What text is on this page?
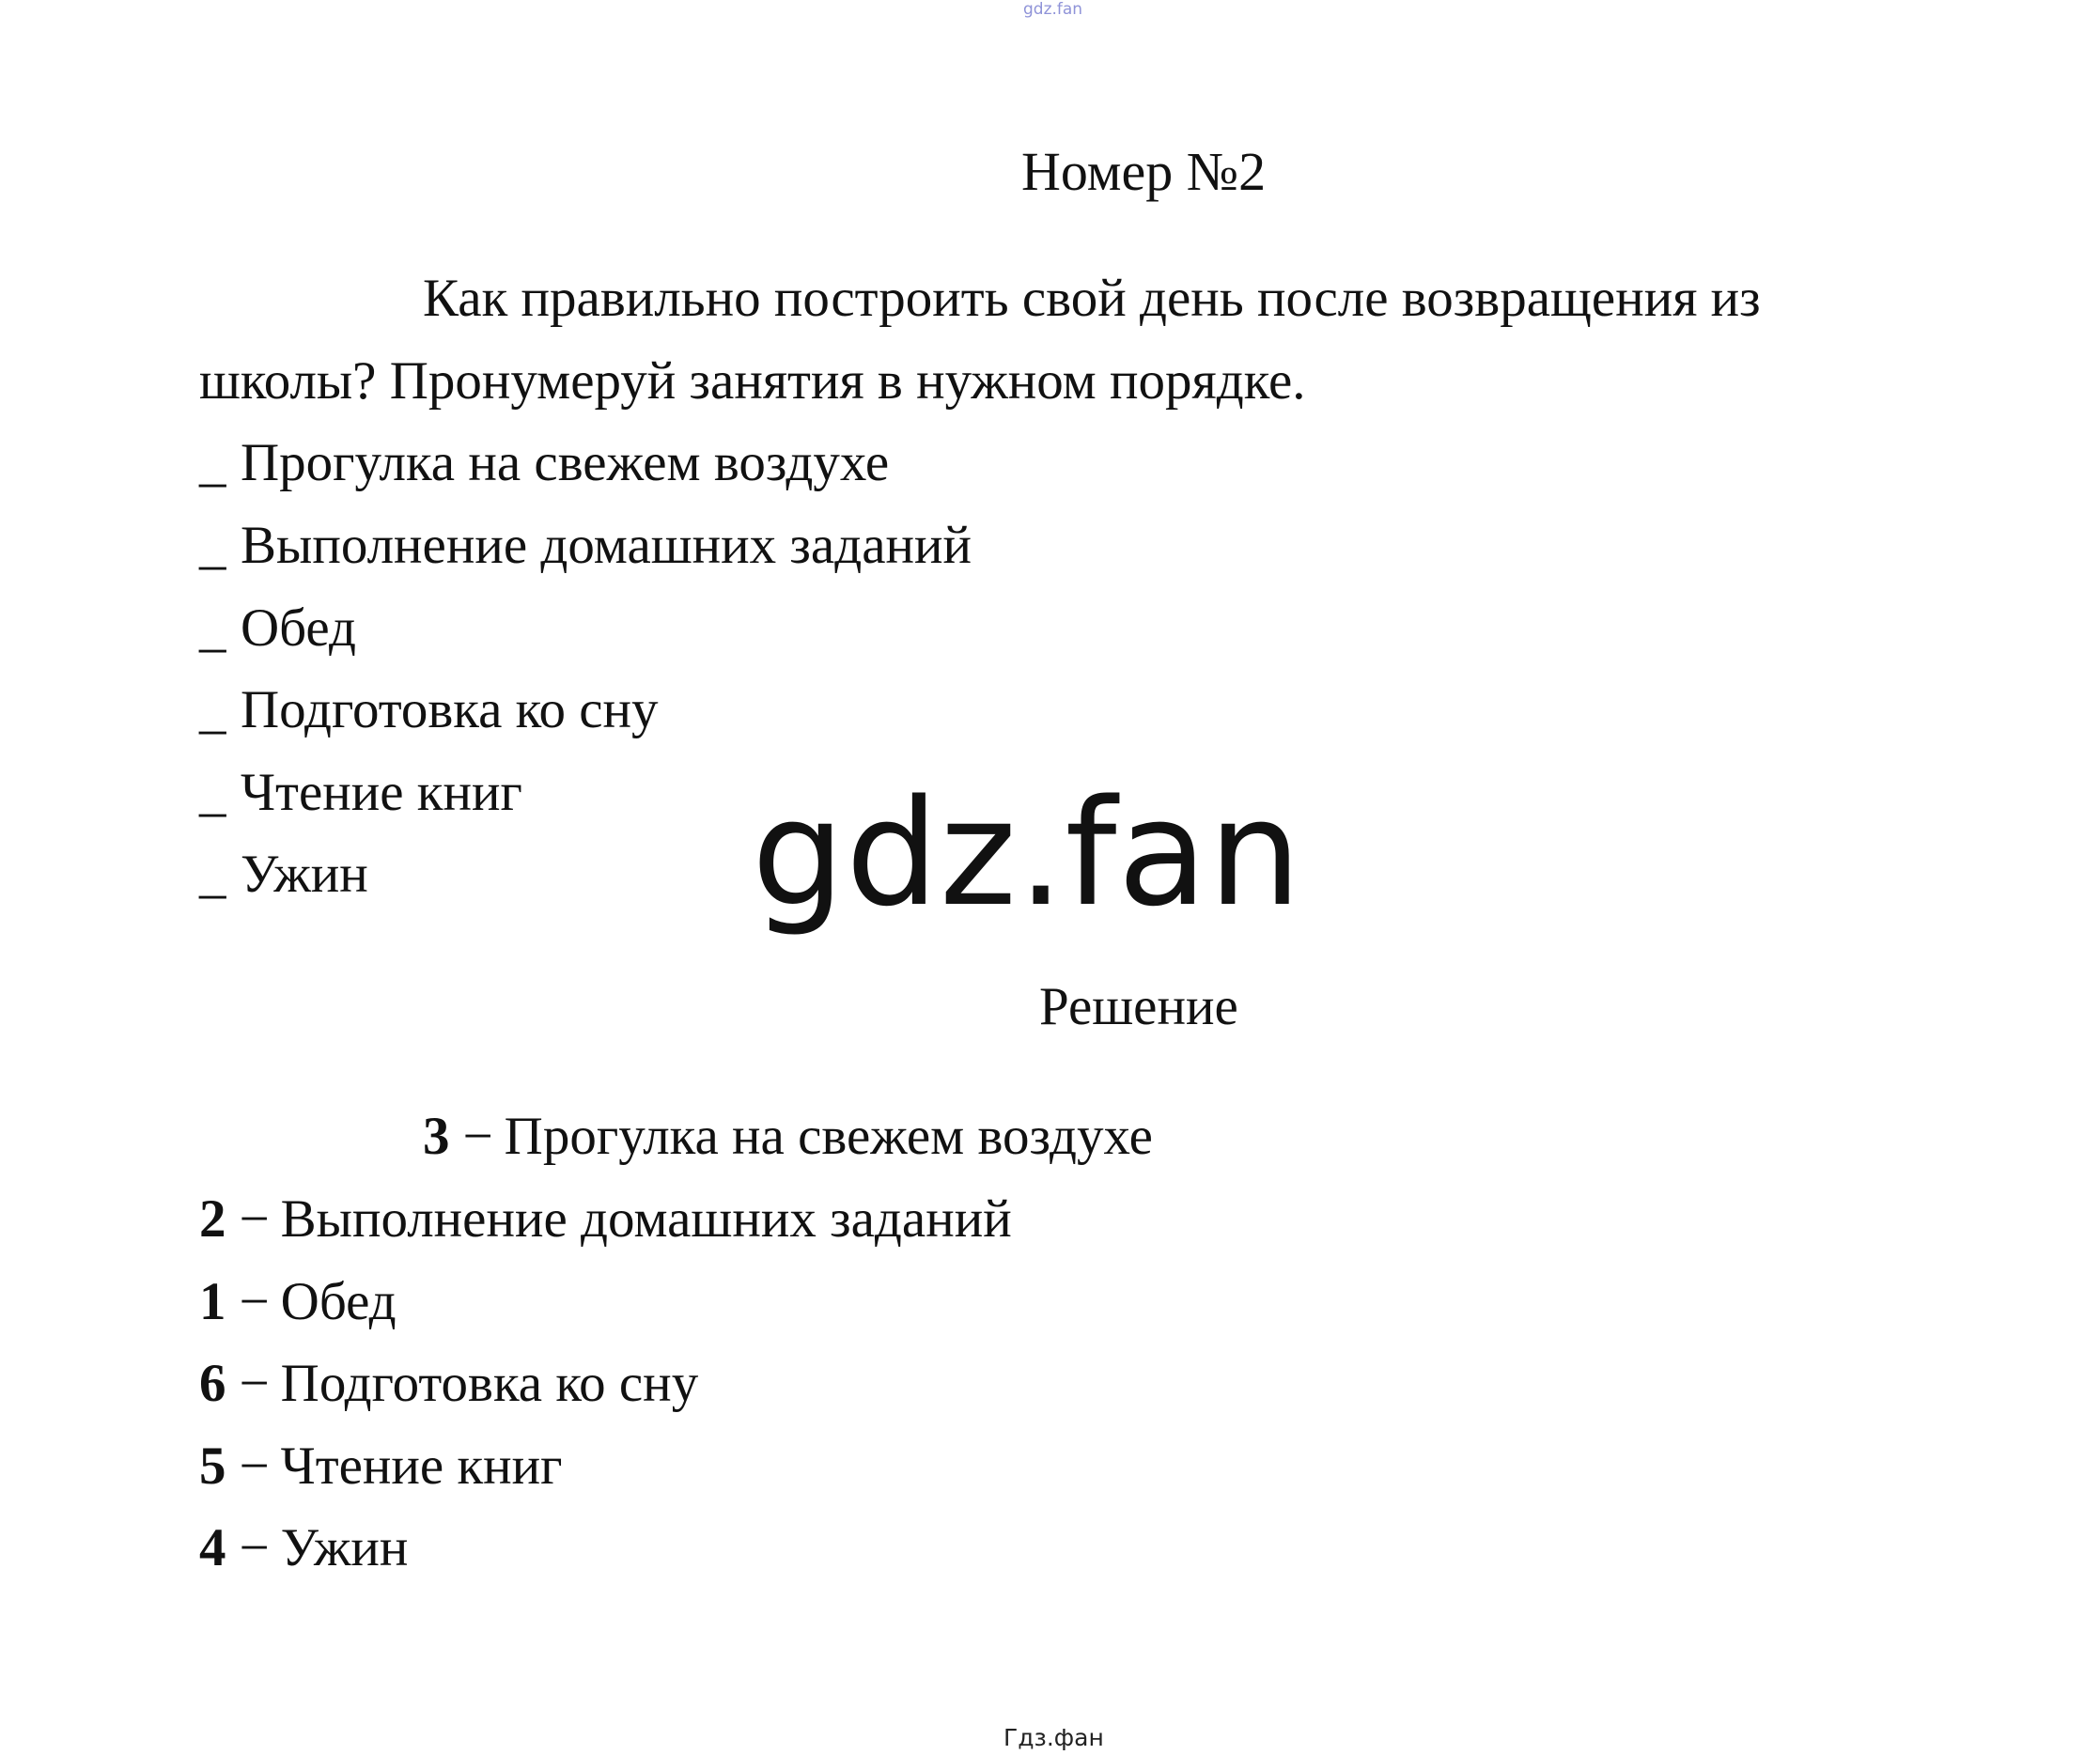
gdz.fan
Номер №2
Как правильно построить свой день после возвращения из
школы? Пронумеруй занятия в нужном порядке.
_ Прогулка на свежем воздухе
_ Выполнение домашних заданий
_ Обед
_ Подготовка ко сну
_ Чтение книг
_ Ужин	gdz.fan
Решение
3 − Прогулка на свежем воздухе
2 − Выполнение домашних заданий
1 − Обед
6 − Подготовка ко сну
5 − Чтение книг
4 − Ужин
Гдз.фан
